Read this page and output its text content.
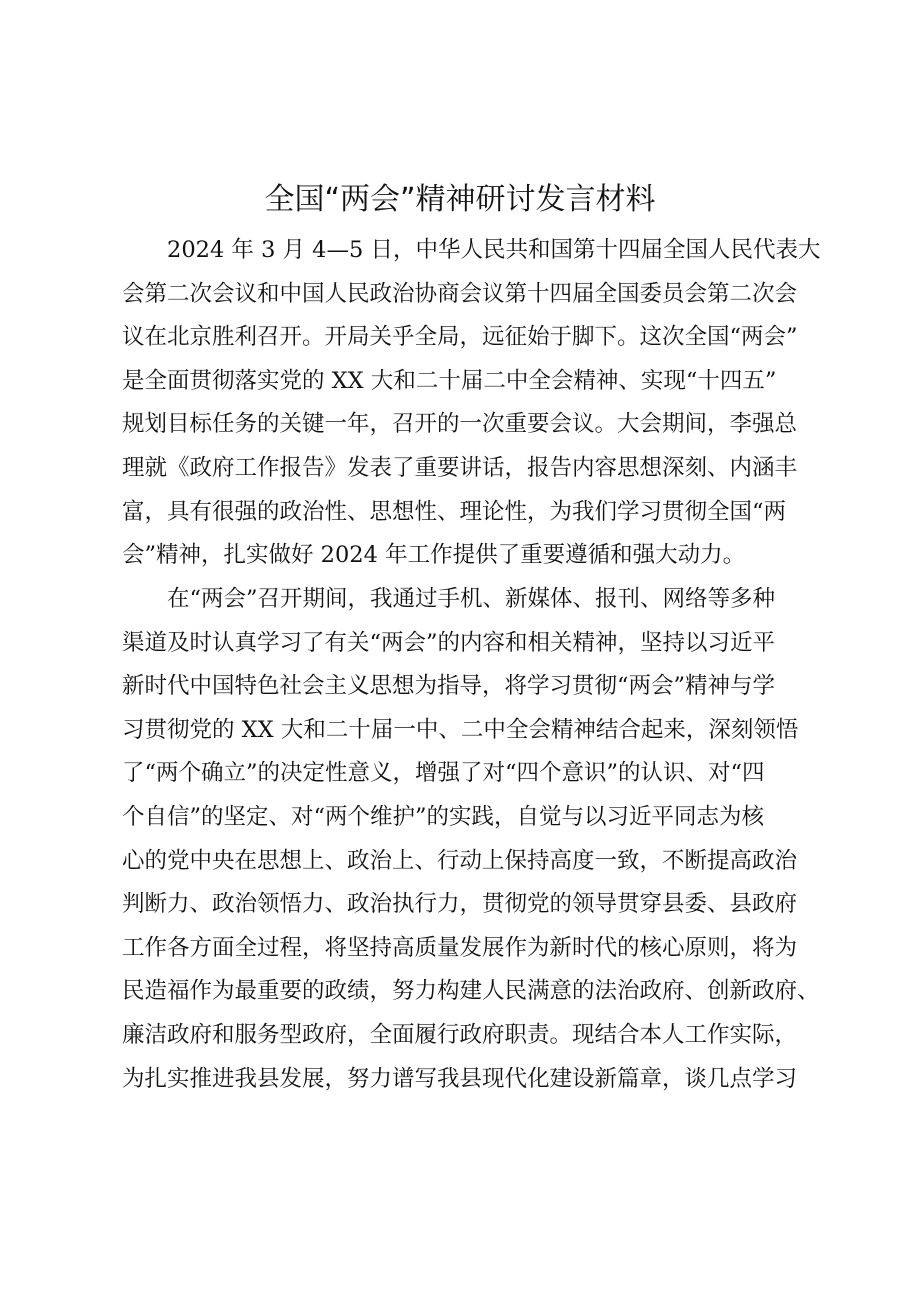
全国“两会”精神研讨发言材料
　　2024 年 3 月 4—5 日，中华人民共和国第十四届全国人民代表大
会第二次会议和中国人民政治协商会议第十四届全国委员会第二次会
议在北京胜利召开。开局关乎全局，远征始于脚下。这次全国“两会”
是全面贯彻落实党的 XX 大和二十届二中全会精神、实现“十四五”
规划目标任务的关键一年，召开的一次重要会议。大会期间，李强总
理就《政府工作报告》发表了重要讲话，报告内容思想深刻、内涵丰
富，具有很强的政治性、思想性、理论性，为我们学习贯彻全国“两
会”精神，扎实做好 2024 年工作提供了重要遵循和强大动力。
　　在“两会”召开期间，我通过手机、新媒体、报刊、网络等多种
渠道及时认真学习了有关“两会”的内容和相关精神，坚持以习近平
新时代中国特色社会主义思想为指导，将学习贯彻“两会”精神与学
习贯彻党的 XX 大和二十届一中、二中全会精神结合起来，深刻领悟
了“两个确立”的决定性意义，增强了对“四个意识”的认识、对“四
个自信”的坚定、对“两个维护”的实践，自觉与以习近平同志为核
心的党中央在思想上、政治上、行动上保持高度一致，不断提高政治
判断力、政治领悟力、政治执行力，贯彻党的领导贯穿县委、县政府
工作各方面全过程，将坚持高质量发展作为新时代的核心原则，将为
民造福作为最重要的政绩，努力构建人民满意的法治政府、创新政府、
廉洁政府和服务型政府，全面履行政府职责。现结合本人工作实际，
为扎实推进我县发展，努力谱写我县现代化建设新篇章，谈几点学习
